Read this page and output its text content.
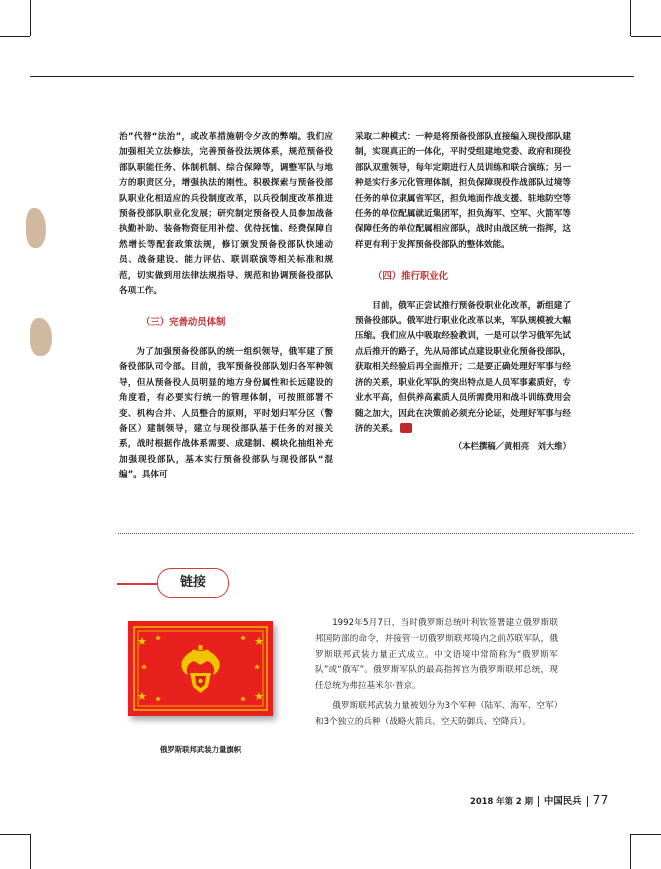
治”代替“法治”，或改革措施朝令夕改的弊端。我们应加强相关立法修法，完善预备役法规体系，规范预备役部队职能任务、体制机制、综合保障等，调整军队与地方的职责区分，增强执法的刚性。积极探索与预备役部队职业化相适应的兵役制度改革，以兵役制度改革推进预备役部队职业化发展；研究制定预备役人员参加战备执勤补助、装备物资征用补偿、优待抚恤、经费保障自然增长等配套政策法规，修订颁发预备役部队快速动员、战备建设、能力评估、联训联演等相关标准和规范，切实做到用法律法规指导、规范和协调预备役部队各项工作。

（三）完善动员体制

为了加强预备役部队的统一组织领导，俄军建了预备役部队司令部。目前，我军预备役部队划归各军种领导，但从预备役人员明显的地方身份属性和长远建设的角度看，有必要实行统一的管理体制，可按照部署不变、机构合并、人员整合的原则，平时划归军分区（警备区）建制领导，建立与现役部队基于任务的对接关系，战时根据作战体系需要、成建制、模块化抽组补充加强现役部队，基本实行预备役部队与现役部队“混编”。具体可

采取二种模式：一种是将预备役部队直接编入现役部队建制，实现真正的一体化，平时受组建地党委、政府和现役部队双重领导，每年定期进行人员训练和联合演练；另一种是实行多元化管理体制，担负保障现役作战部队过境等任务的单位隶属省军区，担负地面作战支援、驻地防空等任务的单位配属就近集团军，担负海军、空军、火箭军等保障任务的单位配属相应部队，战时由战区统一指挥，这样更有利于发挥预备役部队的整体效能。

（四）推行职业化

目前，俄军正尝试推行预备役职业化改革，新组建了预备役部队。俄军进行职业化改革以来，军队规模被大幅压缩。我们应从中吸取经验教训，一是可以学习俄军先试点后推开的路子，先从局部试点建设职业化预备役部队，获取相关经验后再全面推开；二是要正确处理好军事与经济的关系，职业化军队的突出特点是人员军事素质好，专业水平高，但供养高素质人员所需费用和战斗训练费用会随之加大，因此在决策前必须充分论证，处理好军事与经济的关系。	57

（本栏撰稿／黄相亮　刘大维）
链接
俄罗斯联邦武装力量旗帜

1992年5月7日，当时俄罗斯总统叶利钦签署建立俄罗斯联邦国防部的命令，并接管一切俄罗斯联邦境内之前苏联军队，俄罗斯联邦武装力量正式成立。中文语境中常简称为“俄罗斯军队”或“俄军”。俄罗斯军队的最高指挥官为俄罗斯联邦总统，现任总统为弗拉基米尔·普京。

俄罗斯联邦武装力量被划分为3个军种（陆军、海军、空军）和3个独立的兵种（战略火箭兵、空天防御兵、空降兵）。

2018 年第 2 期 中国民兵 77
